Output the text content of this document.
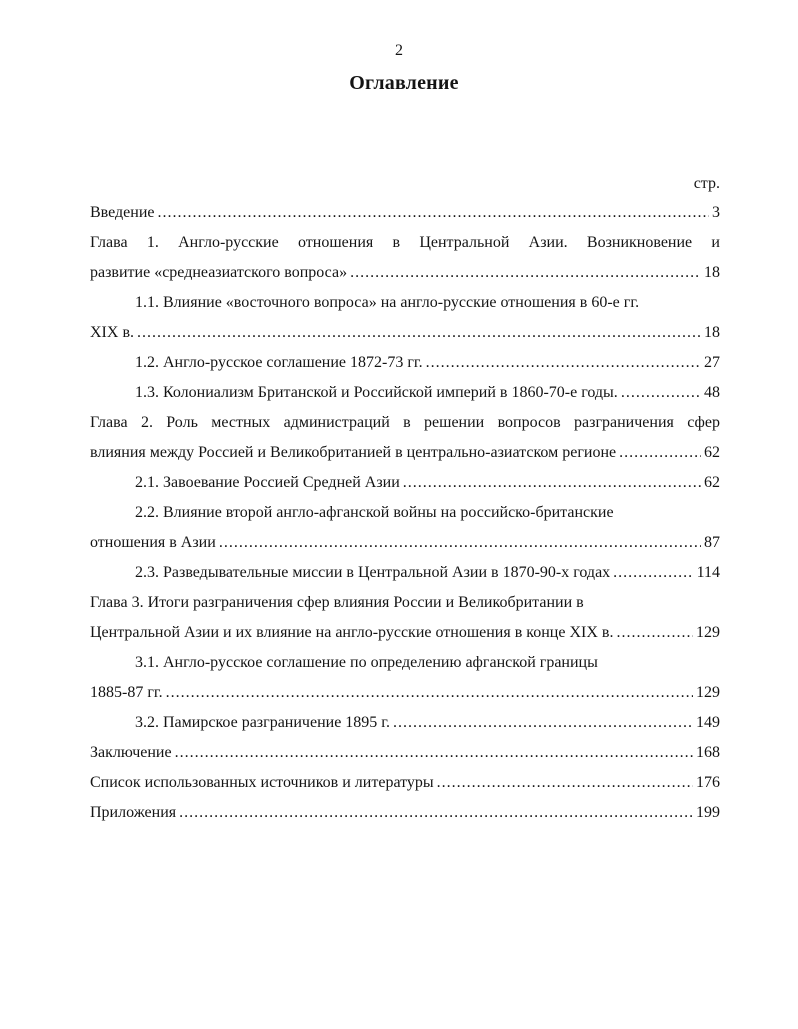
2
Оглавление
стр.
Введение .....	3
Глава 1. Англо-русские отношения в Центральной Азии. Возникновение и
развитие «среднеазиатского вопроса» .....	18
1.1. Влияние «восточного вопроса» на англо-русские отношения в 60-е гг.
XIX в. .....	18
1.2. Англо-русское соглашение 1872-73 гг. .....	27
1.3. Колониализм Британской и Российской империй в 1860-70-е годы. .....	48
Глава 2. Роль местных администраций в решении вопросов разграничения сфер
влияния между Россией и Великобританией в центрально-азиатском регионе .....	62
2.1. Завоевание Россией Средней Азии .....	62
2.2. Влияние второй англо-афганской войны на российско-британские
отношения в Азии .....	87
2.3. Разведывательные миссии в Центральной Азии в 1870-90-х годах .....	114
Глава 3. Итоги разграничения сфер влияния России и Великобритании в
Центральной Азии и их влияние на англо-русские отношения в конце XIX в. .....	129
3.1. Англо-русское соглашение по определению афганской границы
1885-87 гг. .....	129
3.2. Памирское разграничение 1895 г. .....	149
Заключение .....	168
Список использованных источников и литературы .....	176
Приложения .....	199
